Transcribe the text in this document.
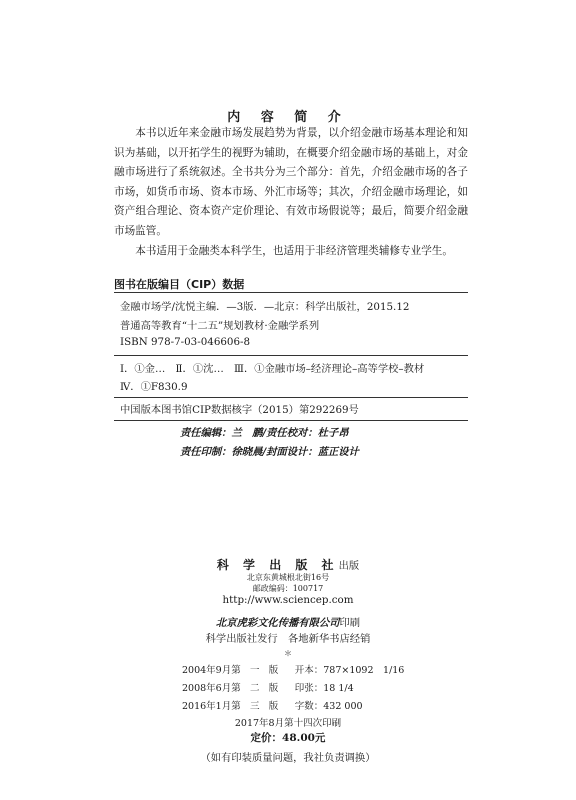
内 容 简 介

本书以近年来金融市场发展趋势为背景，以介绍金融市场基本理论和知识为基础，以开拓学生的视野为辅助，在概要介绍金融市场的基础上，对金融市场进行了系统叙述。全书共分为三个部分：首先，介绍金融市场的各子市场，如货币市场、资本市场、外汇市场等；其次，介绍金融市场理论，如资产组合理论、资本资产定价理论、有效市场假说等；最后，简要介绍金融市场监管。

本书适用于金融类本科学生，也适用于非经济管理类辅修专业学生。

图书在版编目（CIP）数据
金融市场学/沈悦主编．—3版．—北京：科学出版社，2015.12
普通高等教育“十二五”规划教材·金融学系列
ISBN 978-7-03-046606-8
Ⅰ．①金…　Ⅱ．①沈…　Ⅲ．①金融市场–经济理论–高等学校–教材
Ⅳ．①F830.9
中国版本图书馆CIP数据核字（2015）第292269号
责任编辑：兰　鹏/责任校对：杜子昂
责任印制：徐晓晨/封面设计：蓝正设计
科 学 出 版 社出版
北京东黄城根北街16号
邮政编码：100717
http://www.sciencep.com
北京虎彩文化传播有限公司印刷
科学出版社发行　各地新华书店经销
＊
2004年9月第 一 版 开本：787×1092　1/16
2008年6月第 二 版 印张：18 1/4
2016年1月第 三 版 字数：432 000
2017年8月第十四次印刷
定价：48.00元
（如有印装质量问题，我社负责调换）
